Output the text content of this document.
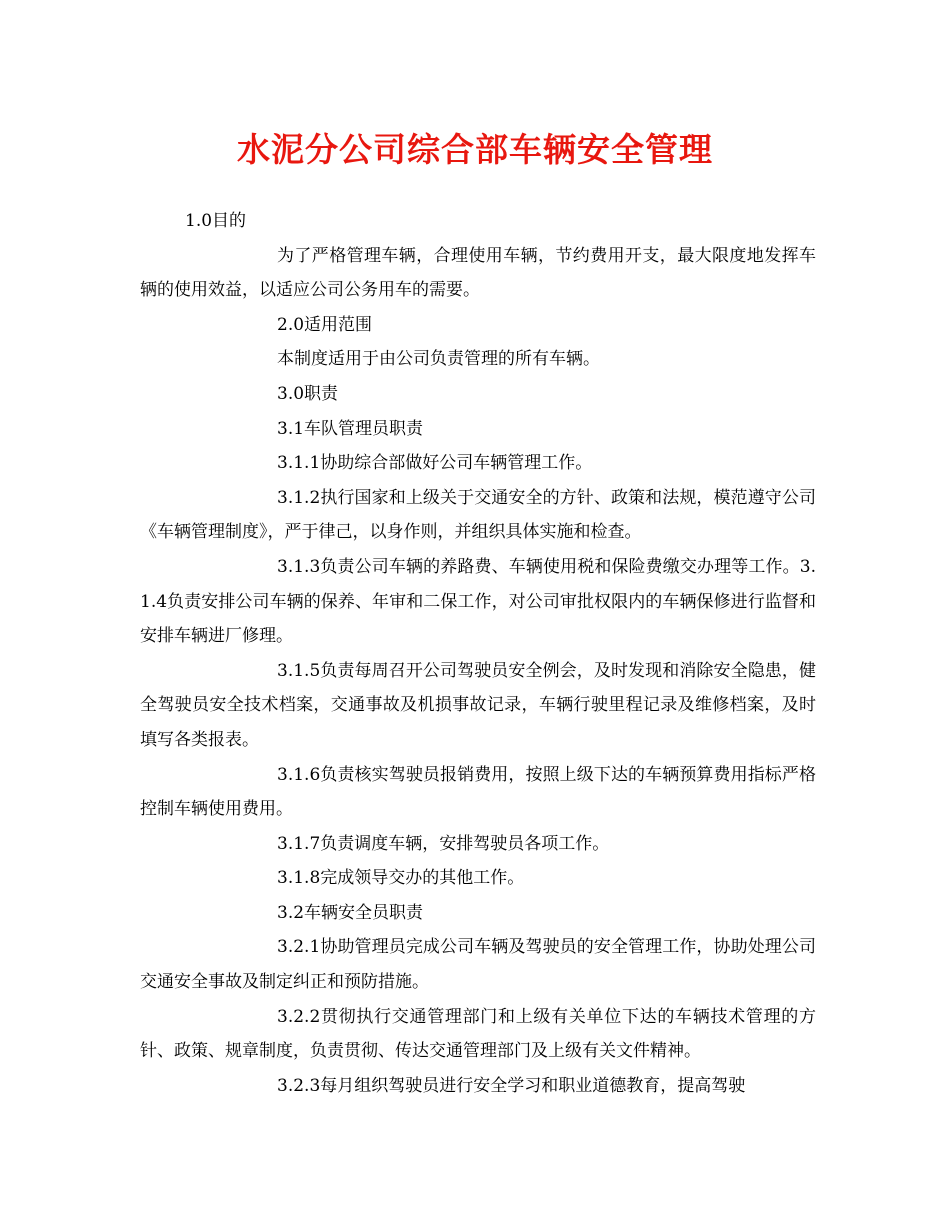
水泥分公司综合部车辆安全管理

1.0目的

为了严格管理车辆，合理使用车辆，节约费用开支，最大限度地发挥车辆的使用效益，以适应公司公务用车的需要。

2.0适用范围

本制度适用于由公司负责管理的所有车辆。

3.0职责

3.1车队管理员职责

3.1.1协助综合部做好公司车辆管理工作。

3.1.2执行国家和上级关于交通安全的方针、政策和法规，模范遵守公司《车辆管理制度》，严于律己，以身作则，并组织具体实施和检查。

3.1.3负责公司车辆的养路费、车辆使用税和保险费缴交办理等工作。3.1.4负责安排公司车辆的保养、年审和二保工作，对公司审批权限内的车辆保修进行监督和安排车辆进厂修理。

3.1.5负责每周召开公司驾驶员安全例会，及时发现和消除安全隐患，健全驾驶员安全技术档案，交通事故及机损事故记录，车辆行驶里程记录及维修档案，及时填写各类报表。

3.1.6负责核实驾驶员报销费用，按照上级下达的车辆预算费用指标严格控制车辆使用费用。

3.1.7负责调度车辆，安排驾驶员各项工作。

3.1.8完成领导交办的其他工作。

3.2车辆安全员职责

3.2.1协助管理员完成公司车辆及驾驶员的安全管理工作，协助处理公司交通安全事故及制定纠正和预防措施。

3.2.2贯彻执行交通管理部门和上级有关单位下达的车辆技术管理的方针、政策、规章制度，负责贯彻、传达交通管理部门及上级有关文件精神。

3.2.3每月组织驾驶员进行安全学习和职业道德教育，提高驾驶
